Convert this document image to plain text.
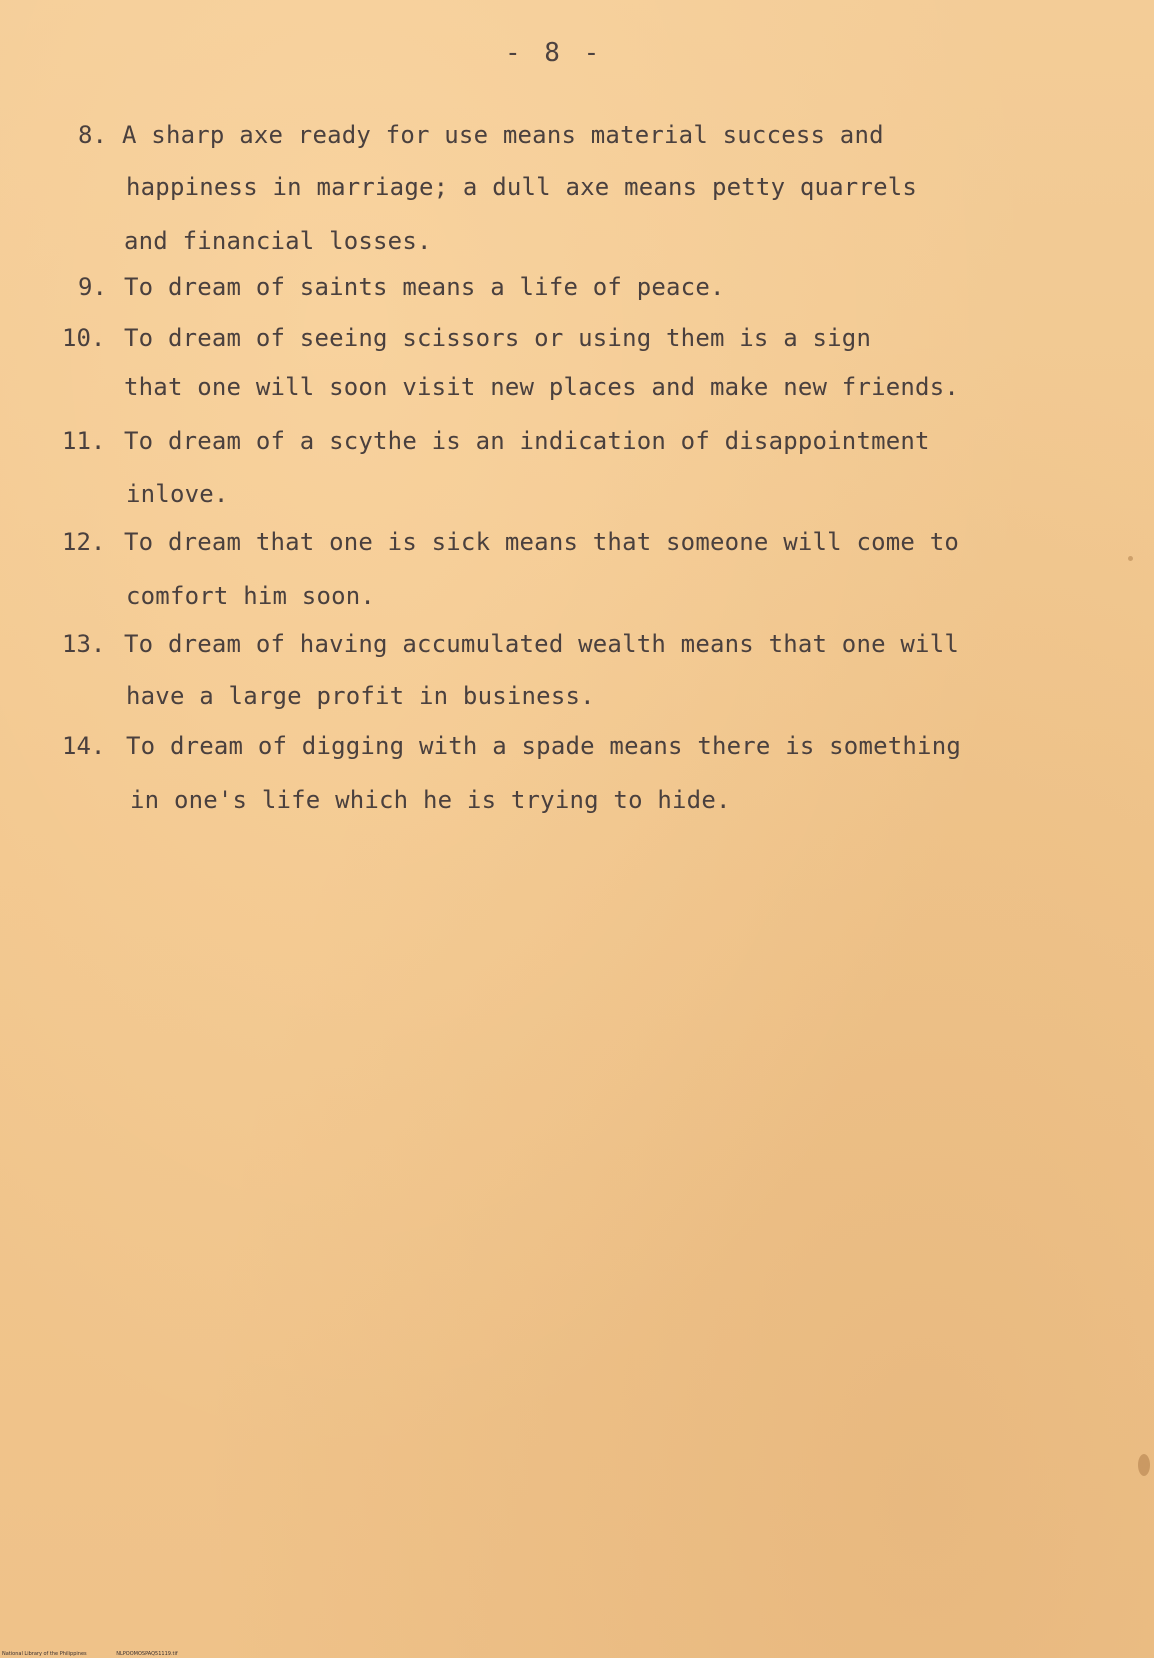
- 8 -
8. A sharp axe ready for use means material success and
happiness in marriage; a dull axe means petty quarrels
and financial losses.
9. To dream of saints means a life of peace.
10. To dream of seeing scissors or using them is a sign
that one will soon visit new places and make new friends.
11. To dream of a scythe is an indication of disappointment
inlove.
12. To dream that one is sick means that someone will come to
comfort him soon.
13. To dream of having accumulated wealth means that one will
have a large profit in business.
14. To dream of digging with a spade means there is something
in one's life which he is trying to hide.
National Library of the Philippines	NLPOOMOSPAQ51119.tif
